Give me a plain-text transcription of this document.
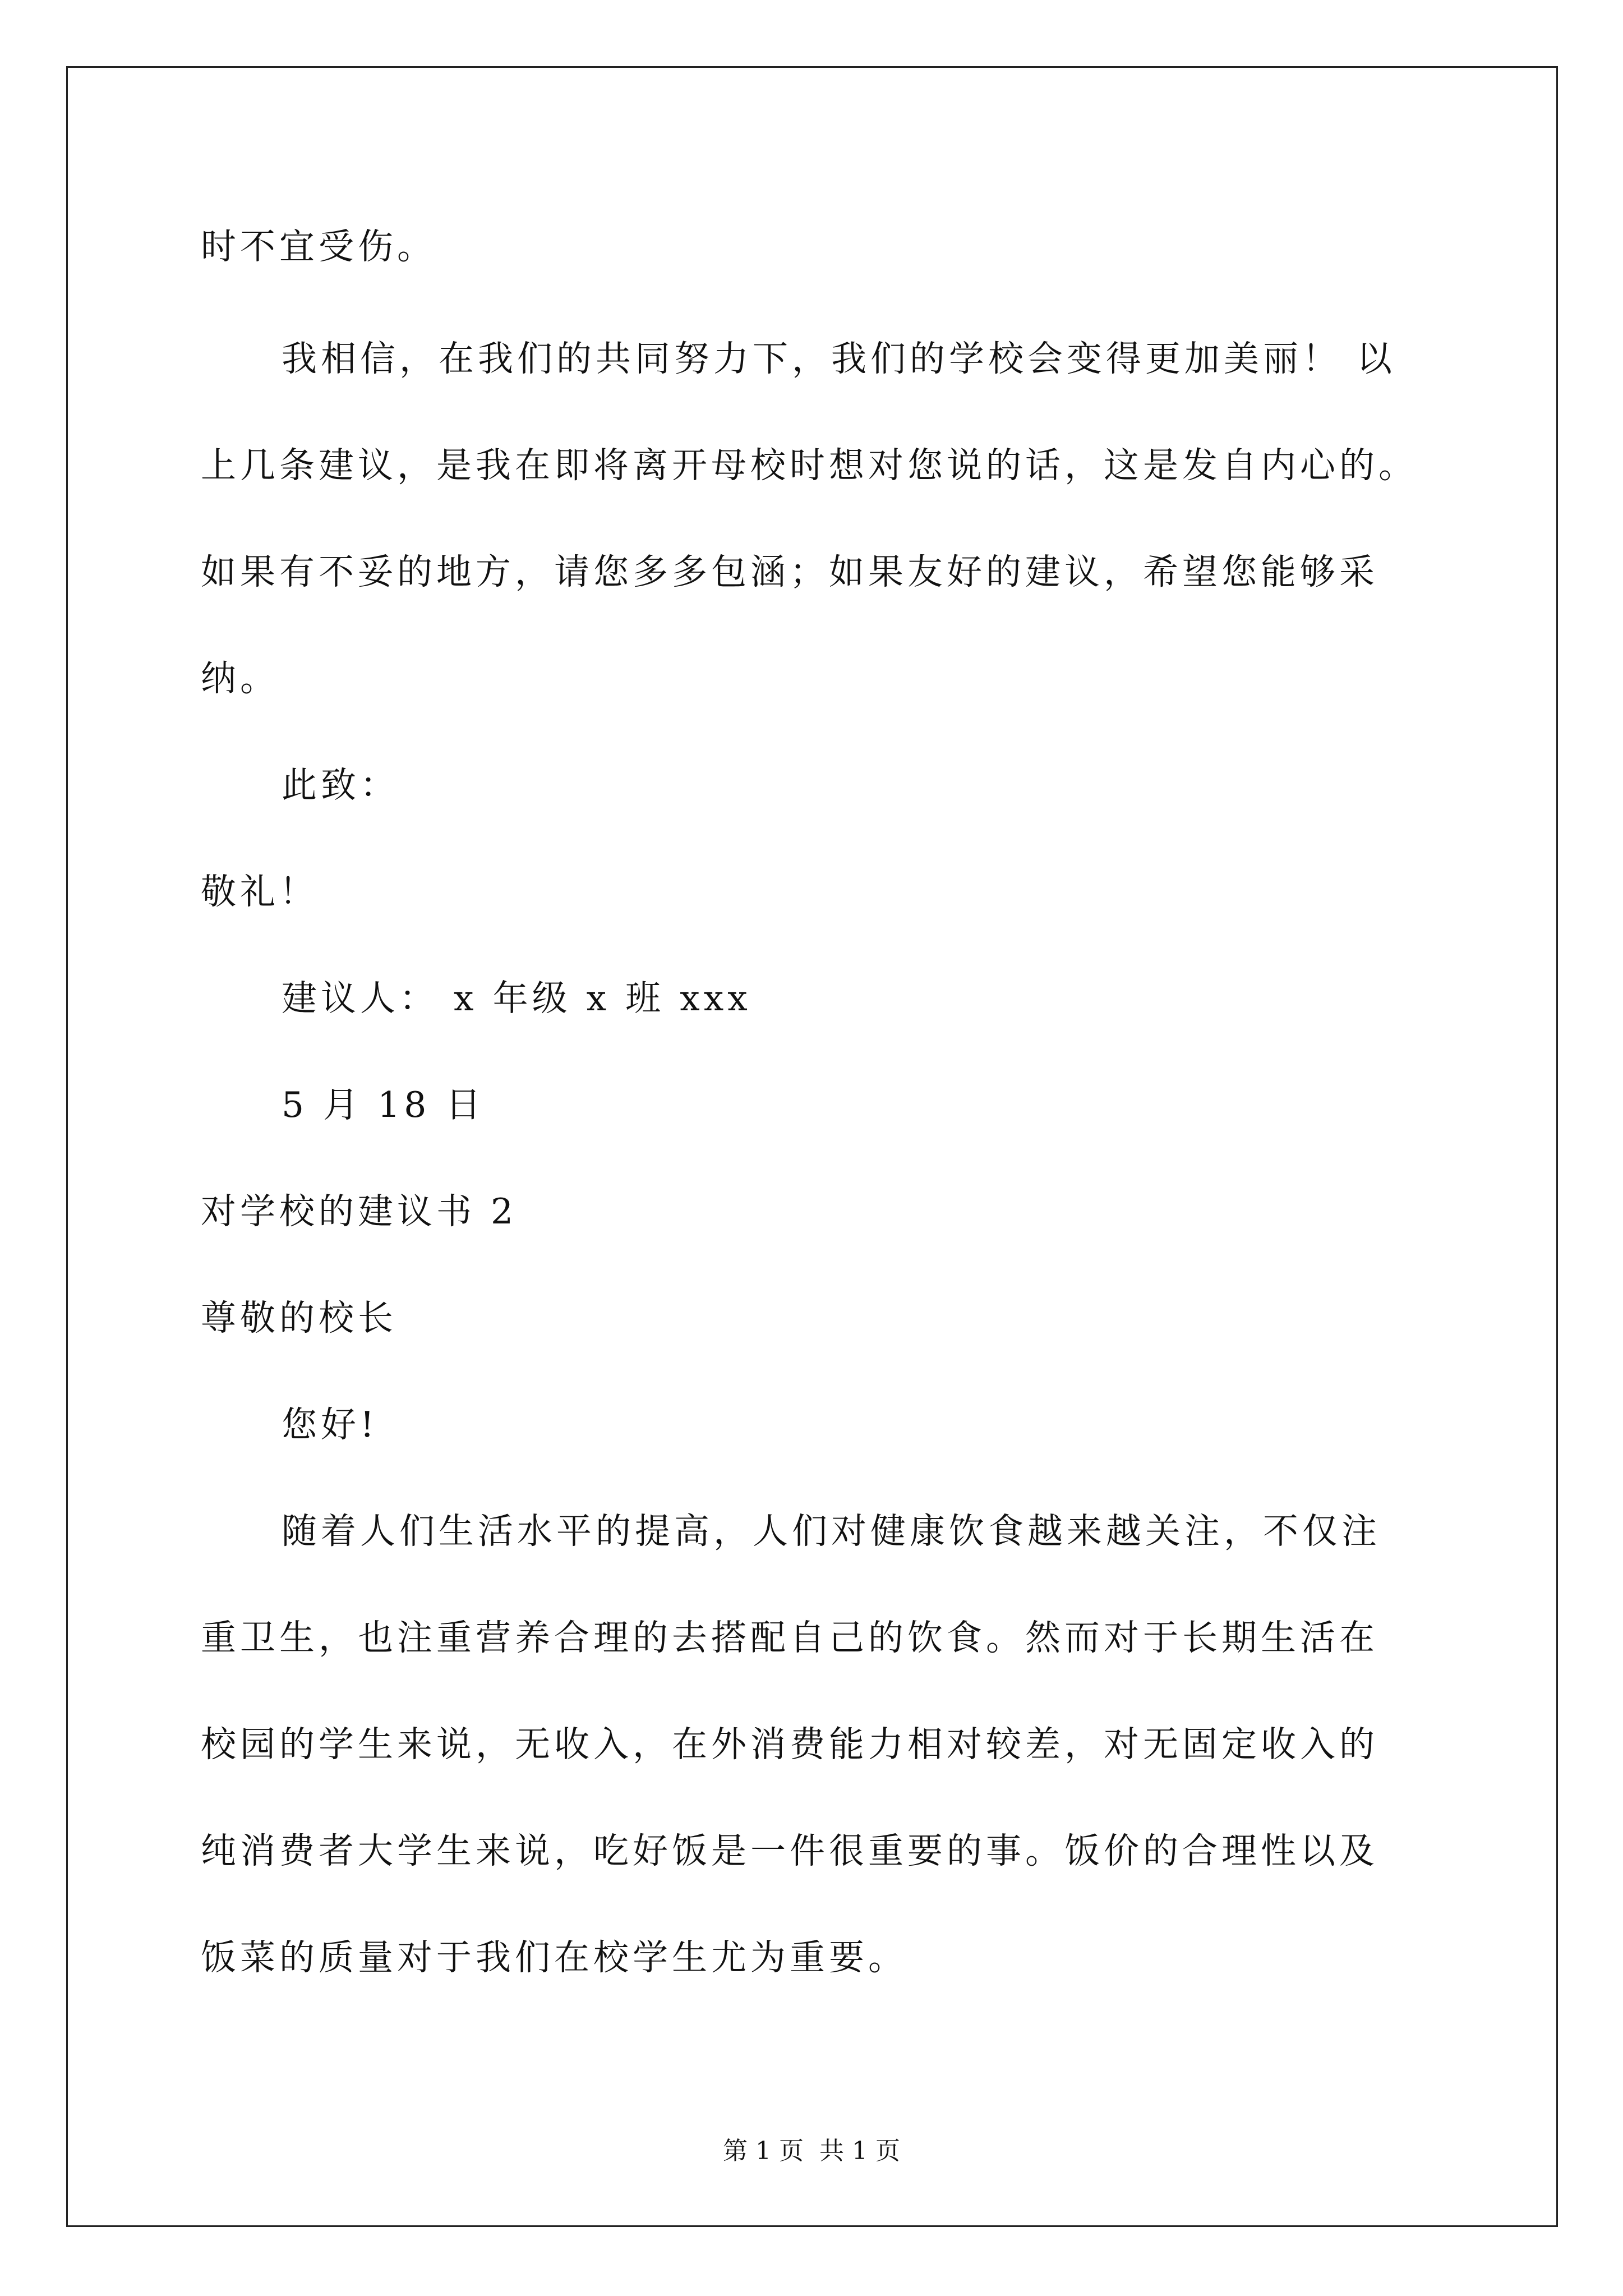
时不宜受伤。
我相信，在我们的共同努力下，我们的学校会变得更加美丽！ 以
上几条建议，是我在即将离开母校时想对您说的话，这是发自内心的。
如果有不妥的地方，请您多多包涵；如果友好的建议，希望您能够采
纳。
此致：
敬礼！
建议人： x 年级 x 班 xxx
5 月 18 日
对学校的建议书 2
尊敬的校长
您好!
随着人们生活水平的提高，人们对健康饮食越来越关注，不仅注
重卫生，也注重营养合理的去搭配自己的饮食。然而对于长期生活在
校园的学生来说，无收入，在外消费能力相对较差，对无固定收入的
纯消费者大学生来说，吃好饭是一件很重要的事。饭价的合理性以及
饭菜的质量对于我们在校学生尤为重要。
第 1 页  共 1 页
